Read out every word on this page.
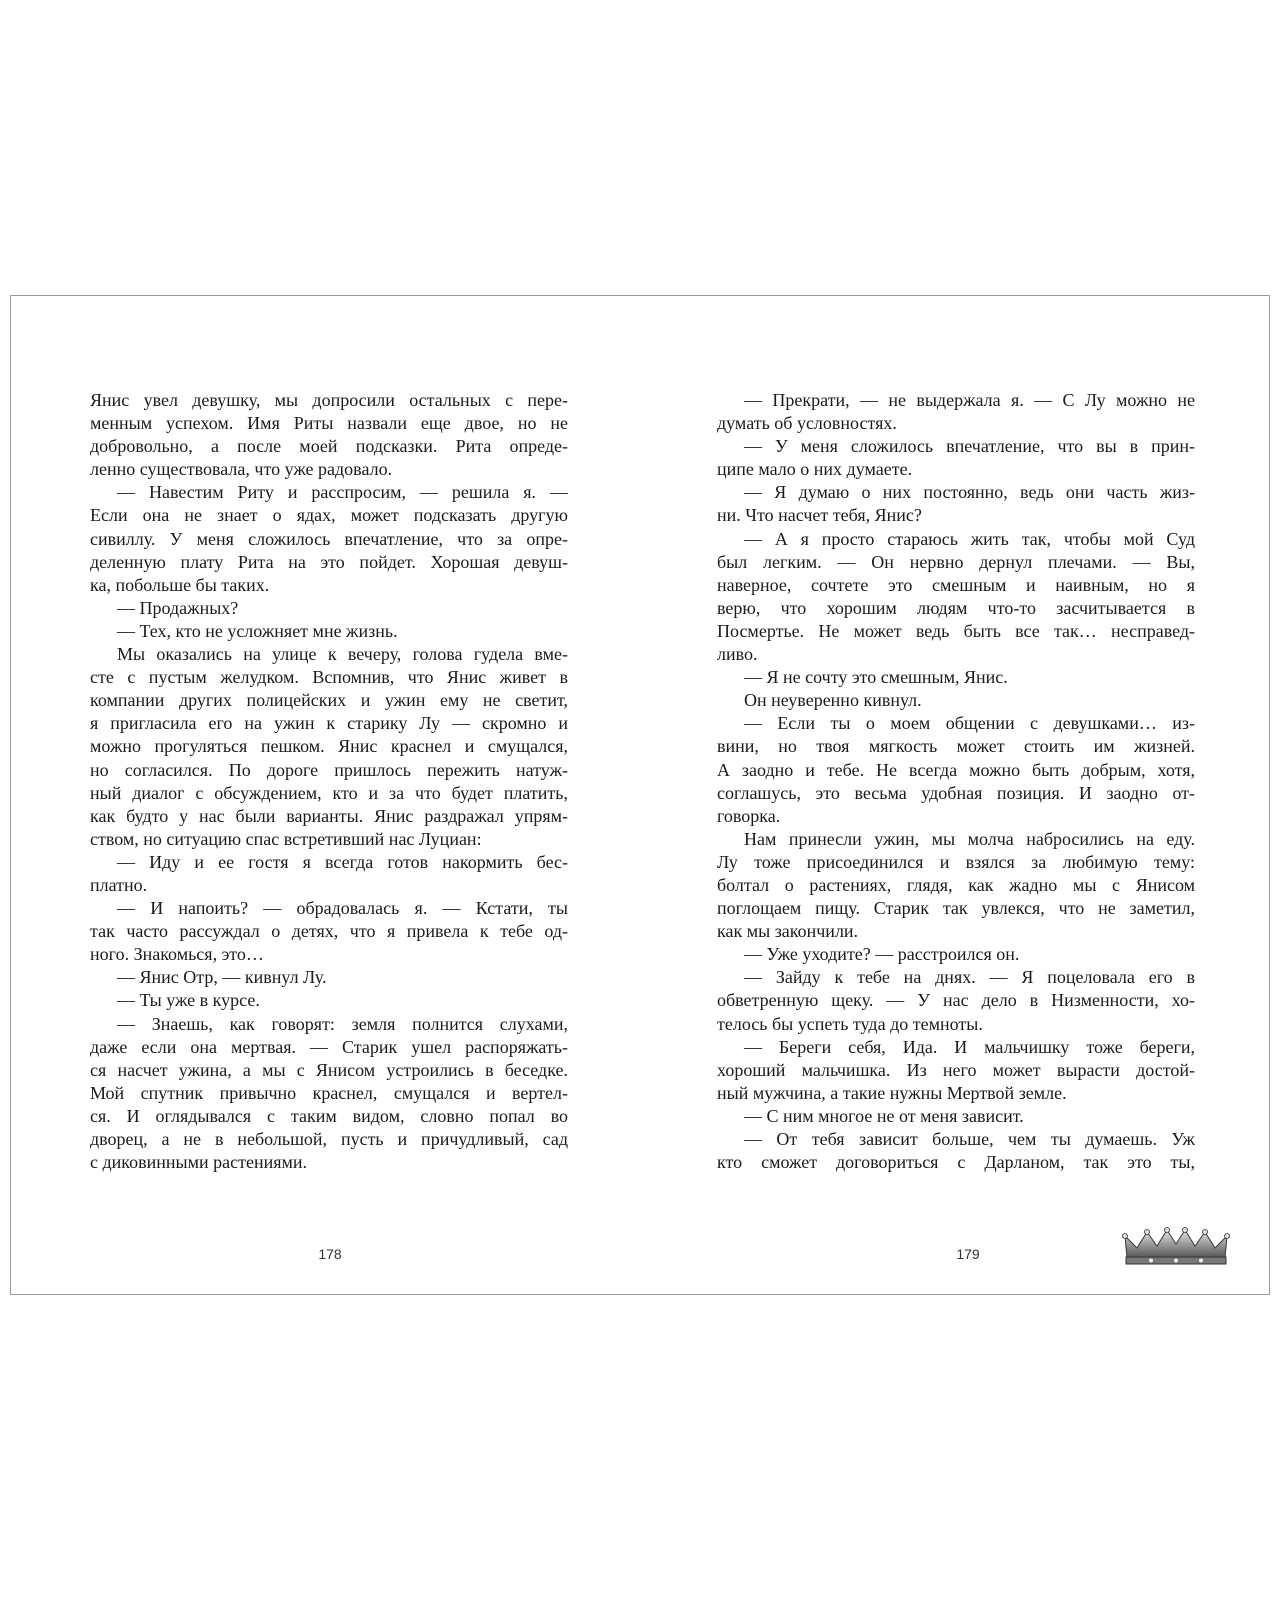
Янис увел девушку, мы допросили остальных с пере-
менным успехом. Имя Риты назвали еще двое, но не
добровольно, а после моей подсказки. Рита опреде-
ленно существовала, что уже радовало.
— Навестим Риту и расспросим, — решила я. —
Если она не знает о ядах, может подсказать другую
сивиллу. У меня сложилось впечатление, что за опре-
деленную плату Рита на это пойдет. Хорошая девуш-
ка, побольше бы таких.
— Продажных?
— Тех, кто не усложняет мне жизнь.
Мы оказались на улице к вечеру, голова гудела вме-
сте с пустым желудком. Вспомнив, что Янис живет в
компании других полицейских и ужин ему не светит,
я пригласила его на ужин к старику Лу — скромно и
можно прогуляться пешком. Янис краснел и смущался,
но согласился. По дороге пришлось пережить натуж-
ный диалог с обсуждением, кто и за что будет платить,
как будто у нас были варианты. Янис раздражал упрям-
ством, но ситуацию спас встретивший нас Луциан:
— Иду и ее гостя я всегда готов накормить бес-
платно.
— И напоить? — обрадовалась я. — Кстати, ты
так часто рассуждал о детях, что я привела к тебе од-
ного. Знакомься, это…
— Янис Отр, — кивнул Лу.
— Ты уже в курсе.
— Знаешь, как говорят: земля полнится слухами,
даже если она мертвая. — Старик ушел распоряжать-
ся насчет ужина, а мы с Янисом устроились в беседке.
Мой спутник привычно краснел, смущался и вертел-
ся. И оглядывался с таким видом, словно попал во
дворец, а не в небольшой, пусть и причудливый, сад
с диковинными растениями.
— Прекрати, — не выдержала я. — С Лу можно не
думать об условностях.
— У меня сложилось впечатление, что вы в прин-
ципе мало о них думаете.
— Я думаю о них постоянно, ведь они часть жиз-
ни. Что насчет тебя, Янис?
— А я просто стараюсь жить так, чтобы мой Суд
был легким. — Он нервно дернул плечами. — Вы,
наверное, сочтете это смешным и наивным, но я
верю, что хорошим людям что-то засчитывается в
Посмертье. Не может ведь быть все так… несправед-
ливо.
— Я не сочту это смешным, Янис.
Он неуверенно кивнул.
— Если ты о моем общении с девушками… из-
вини, но твоя мягкость может стоить им жизней.
А заодно и тебе. Не всегда можно быть добрым, хотя,
соглашусь, это весьма удобная позиция. И заодно от-
говорка.
Нам принесли ужин, мы молча набросились на еду.
Лу тоже присоединился и взялся за любимую тему:
болтал о растениях, глядя, как жадно мы с Янисом
поглощаем пищу. Старик так увлекся, что не заметил,
как мы закончили.
— Уже уходите? — расстроился он.
— Зайду к тебе на днях. — Я поцеловала его в
обветренную щеку. — У нас дело в Низменности, хо-
телось бы успеть туда до темноты.
— Береги себя, Ида. И мальчишку тоже береги,
хороший мальчишка. Из него может вырасти достой-
ный мужчина, а такие нужны Мертвой земле.
— С ним многое не от меня зависит.
— От тебя зависит больше, чем ты думаешь. Уж
кто сможет договориться с Дарланом, так это ты,
178	179
